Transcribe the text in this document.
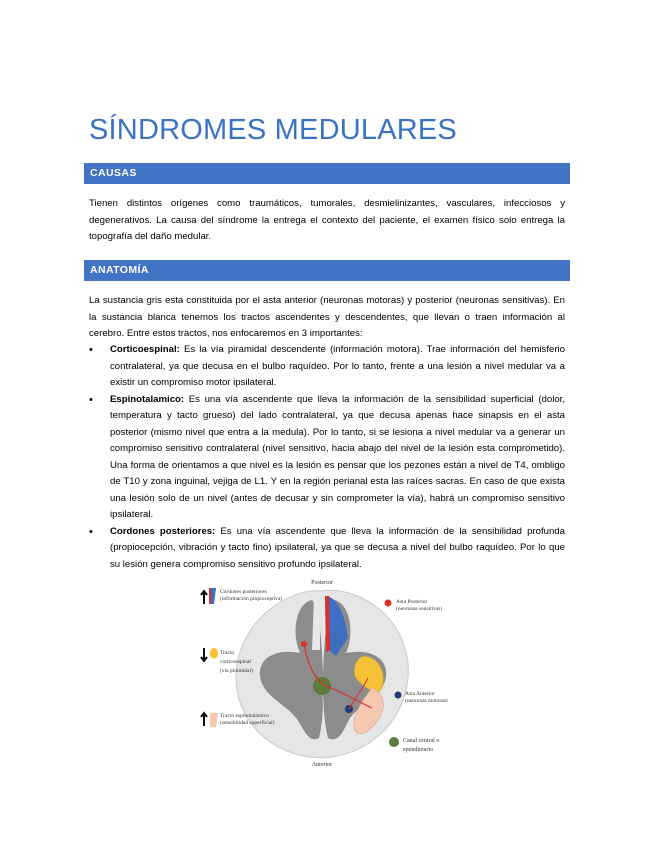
SÍNDROMES MEDULARES
CAUSAS

Tienen distintos orígenes como traumáticos, tumorales, desmielinizantes, vasculares, infecciosos y degenerativos. La causa del síndrome la entrega el contexto del paciente, el examen físico solo entrega la topografía del daño medular.

ANATOMÍA

La sustancia gris esta constituida por el asta anterior (neuronas motoras) y posterior (neuronas sensitivas). En la sustancia blanca tenemos los tractos ascendentes y descendentes, que llevan o traen información al cerebro. Entre estos tractos, nos enfocaremos en 3 importantes:

• Corticoespinal: Es la vía piramidal descendente (información motora). Trae información del hemisferio contralateral, ya que decusa en el bulbo raquídeo. Por lo tanto, frente a una lesión a nivel medular va a existir un compromiso motor ipsilateral.
• Espinotalamico: Es una vía ascendente que lleva la información de la sensibilidad superficial (dolor, temperatura y tacto grueso) del lado contralateral, ya que decusa apenas hace sinapsis en el asta posterior (mismo nivel que entra a la medula). Por lo tanto, si se lesiona a nivel medular va a generar un compromiso sensitivo contralateral (nivel sensitivo, hacia abajo del nivel de la lesión esta comprometido). Una forma de orientamos a que nivel es la lesión es pensar que los pezones están a nivel de T4, ombligo de T10 y zona inguinal, vejiga de L1. Y en la región perianal esta las raíces sacras. En caso de que exista una lesión solo de un nivel (antes de decusar y sin comprometer la vía), habrá un compromiso sensitivo ipsilateral.
• Cordones posteriores: Es una vía ascendente que lleva la información de la sensibilidad profunda (propiocepción, vibración y tacto fino) ipsilateral, ya que se decusa a nivel del bulbo raquídeo. Por lo que su lesión genera compromiso sensitivo profundo ipsilateral.
Posterior
Anterior
Cordones posteriores
(información propioceptiva)
Tracto
corticoespinal
(vía piramidal)
Tracto espinotalámico
(sensibilidad superficial)
Asta Posterior
(neuronas sensitivas)
Asta Anterior
(neuronas motoras)
Canal central o
ependimario
